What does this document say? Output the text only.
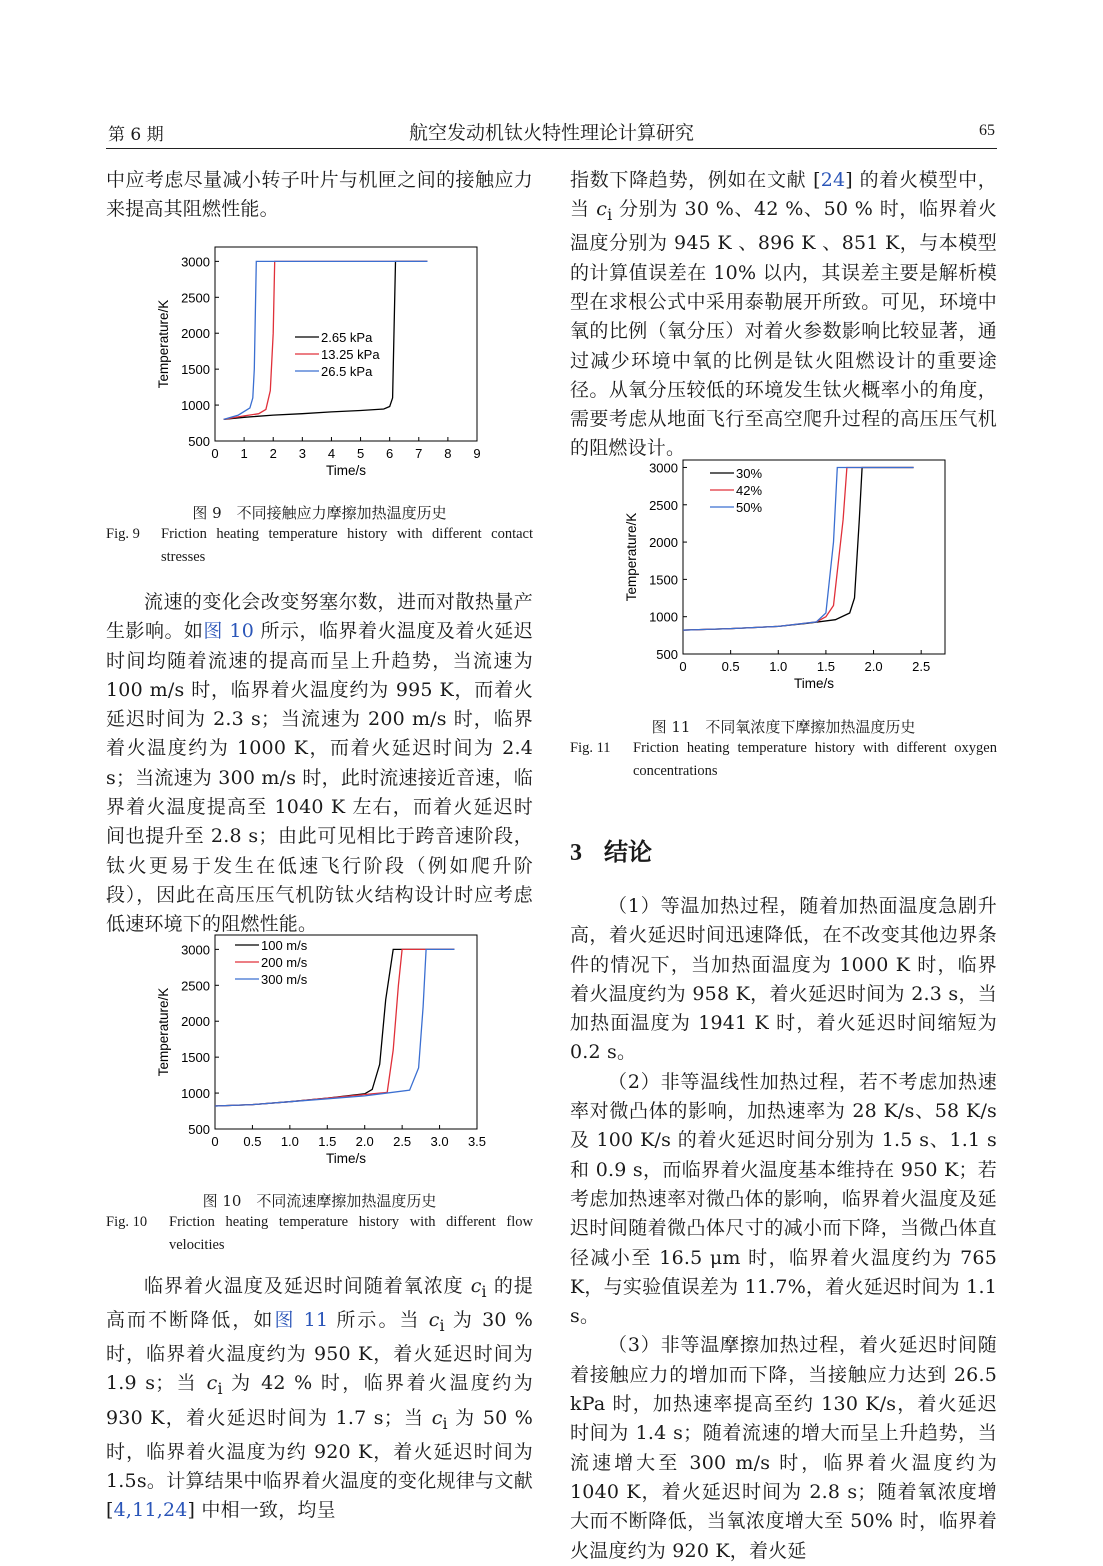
第 6 期	航空发动机钛火特性理论计算研究	65

中应考虑尽量减小转子叶片与机匣之间的接触应力来提高其阻燃性能。

0 1 2 3 4 5 6 7 8 9
500
1000
1500
2000
2500
3000
Time/s
Temperature/K	2.65 kPa
13.25 kPa
26.5 kPa
图 9　不同接触应力摩擦加热温度历史
Fig. 9 Friction heating temperature history with different contact stresses

流速的变化会改变努塞尔数，进而对散热量产生影响。如图 10 所示，临界着火温度及着火延迟时间均随着流速的提高而呈上升趋势，当流速为 100 m/s 时，临界着火温度约为 995 K，而着火延迟时间为 2.3 s；当流速为 200 m/s 时，临界着火温度约为 1000 K，而着火延迟时间为 2.4 s；当流速为 300 m/s 时，此时流速接近音速，临界着火温度提高至 1040 K 左右，而着火延迟时间也提升至 2.8 s；由此可见相比于跨音速阶段，钛火更易于发生在低速飞行阶段（例如爬升阶段），因此在高压压气机防钛火结构设计时应考虑低速环境下的阻燃性能。

0 0.5 1.0 1.5 2.0 2.5 3.0 3.5
500
1000
1500
2000
2500
3000
Time/s
Temperature/K
100 m/s
200 m/s
300 m/s
图 10　不同流速摩擦加热温度历史
Fig. 10 Friction heating temperature history with different flow velocities

临界着火温度及延迟时间随着氧浓度 $c_i$ 的提高而不断降低，如图 11 所示。当 $c_i$ 为 30 % 时，临界着火温度约为 950 K，着火延迟时间为 1.9 s；当 $c_i$ 为 42 % 时，临界着火温度约为 930 K，着火延迟时间为 1.7 s；当 $c_i$ 为 50 % 时，临界着火温度为约 920 K，着火延迟时间为 1.5s。计算结果中临界着火温度的变化规律与文献 [4,11,24] 中相一致，均呈

指数下降趋势，例如在文献 [24] 的着火模型中，当 $c_i$ 分别为 30 %、42 %、50 % 时，临界着火温度分别为 945 K 、896 K 、851 K，与本模型的计算值误差在 10% 以内，其误差主要是解析模型在求根公式中采用泰勒展开所致。可见，环境中氧的比例（氧分压）对着火参数影响比较显著，通过减少环境中氧的比例是钛火阻燃设计的重要途径。从氧分压较低的环境发生钛火概率小的角度，需要考虑从地面飞行至高空爬升过程的高压压气机的阻燃设计。

0	0.5 1.0 1.5 2.0 2.5
500
1000
1500
2000
2500
3000
Time/s
Temperature/K
30%
42%
50%
图 11　不同氧浓度下摩擦加热温度历史
Fig. 11 Friction heating temperature history with different oxygen concentrations
3 结论

（1）等温加热过程，随着加热面温度急剧升高，着火延迟时间迅速降低，在不改变其他边界条件的情况下，当加热面温度为 1000 K 时，临界着火温度约为 958 K，着火延迟时间为 2.3 s，当加热面温度为 1941 K 时，着火延迟时间缩短为 0.2 s。

（2）非等温线性加热过程，若不考虑加热速率对微凸体的影响，加热速率为 28 K/s、58 K/s 及 100 K/s 的着火延迟时间分别为 1.5 s、1.1 s 和 0.9 s，而临界着火温度基本维持在 950 K；若考虑加热速率对微凸体的影响，临界着火温度及延迟时间随着微凸体尺寸的减小而下降，当微凸体直径减小至 16.5 μm 时，临界着火温度约为 765 K，与实验值误差为 11.7%，着火延迟时间为 1.1 s。

（3）非等温摩擦加热过程，着火延迟时间随着接触应力的增加而下降，当接触应力达到 26.5 kPa 时，加热速率提高至约 130 K/s，着火延迟时间为 1.4 s；随着流速的增大而呈上升趋势，当流速增大至 300 m/s 时，临界着火温度约为 1040 K，着火延迟时间为 2.8 s；随着氧浓度增大而不断降低，当氧浓度增大至 50% 时，临界着火温度约为 920 K，着火延
